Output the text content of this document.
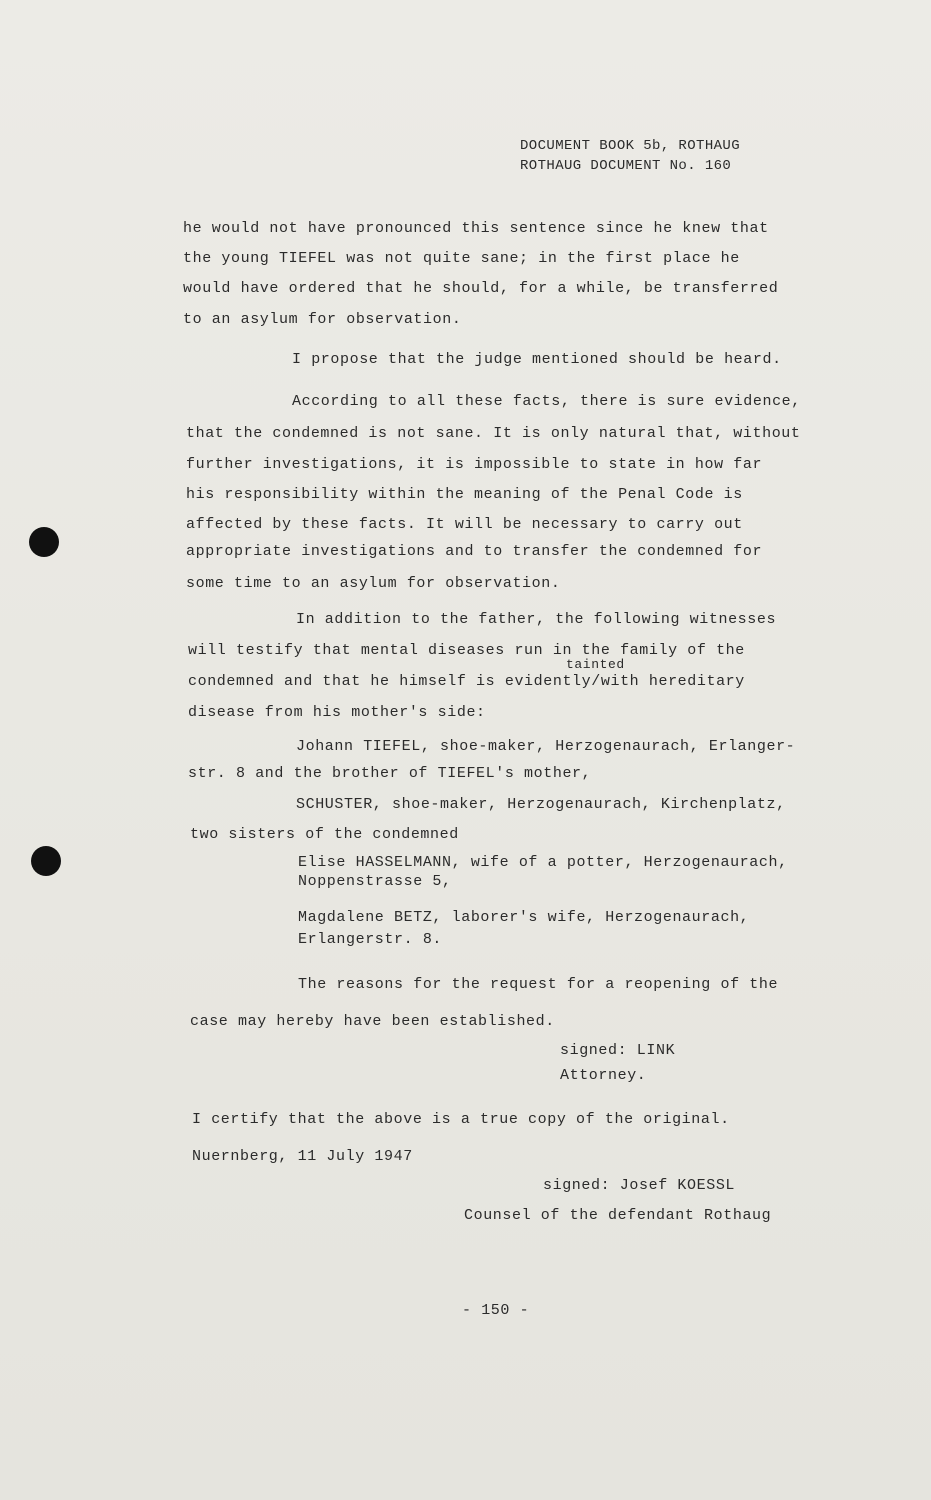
DOCUMENT BOOK 5b, ROTHAUG
ROTHAUG DOCUMENT No. 160
he would not have pronounced this sentence since he knew that
the young TIEFEL was not quite sane; in the first place he
would have ordered that he should, for a while, be transferred
to an asylum for observation.
I propose that the judge mentioned should be heard.
According to all these facts, there is sure evidence,
that the condemned is not sane. It is only natural that, without
further investigations, it is impossible to state in how far
his responsibility within the meaning of the Penal Code is
affected by these facts. It will be necessary to carry out
appropriate investigations and to transfer the condemned for
some time to an asylum for observation.
In addition to the father, the following witnesses
will testify that mental diseases run in the family of the
tainted
condemned and that he himself is evidently/with hereditary
disease from his mother's side:
Johann TIEFEL, shoe-maker, Herzogenaurach, Erlanger-
str. 8 and the brother of TIEFEL's mother,
SCHUSTER, shoe-maker, Herzogenaurach, Kirchenplatz,
two sisters of the condemned
Elise HASSELMANN, wife of a potter, Herzogenaurach,
Noppenstrasse 5,
Magdalene BETZ, laborer's wife, Herzogenaurach,
Erlangerstr. 8.
The reasons for the request for a reopening of the
case may hereby have been established.
signed: LINK
Attorney.
I certify that the above is a true copy of the original.
Nuernberg, 11 July 1947
signed: Josef KOESSL
Counsel of the defendant Rothaug
- 150 -
